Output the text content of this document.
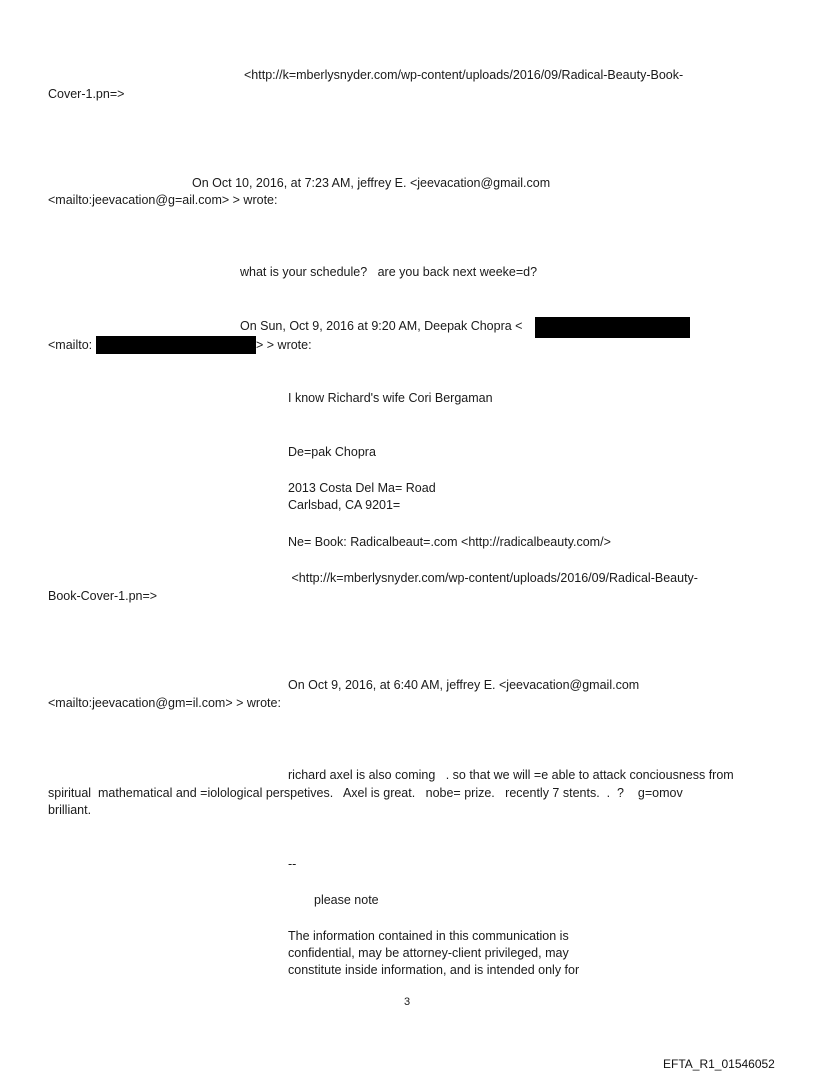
<http://k=mberlysnyder.com/wp-content/uploads/2016/09/Radical-Beauty-Book-
Cover-1.pn=>
On Oct 10, 2016, at 7:23 AM, jeffrey E. <jeevacation@gmail.com
<mailto:jeevacation@g=ail.com> > wrote:
what is your schedule?   are you back next weeke=d?
On Sun, Oct 9, 2016 at 9:20 AM, Deepak Chopra <
<mailto:	> > wrote:
I know Richard's wife Cori Bergaman
De=pak Chopra
2013 Costa Del Ma= Road
Carlsbad, CA 9201=
Ne= Book: Radicalbeaut=.com <http://radicalbeauty.com/>
<http://k=mberlysnyder.com/wp-content/uploads/2016/09/Radical-Beauty-
Book-Cover-1.pn=>
On Oct 9, 2016, at 6:40 AM, jeffrey E. <jeevacation@gmail.com
<mailto:jeevacation@gm=il.com> > wrote:
richard axel is also coming   . so that we will =e able to attack conciousness from
spiritual  mathematical and =iolological perspetives.   Axel is great.   nobe= prize.   recently 7 stents.  .  ?    g=omov
brilliant.
--
please note
The information contained in this communication is
confidential, may be attorney-client privileged, may
constitute inside information, and is intended only for
3
EFTA_R1_01546052
